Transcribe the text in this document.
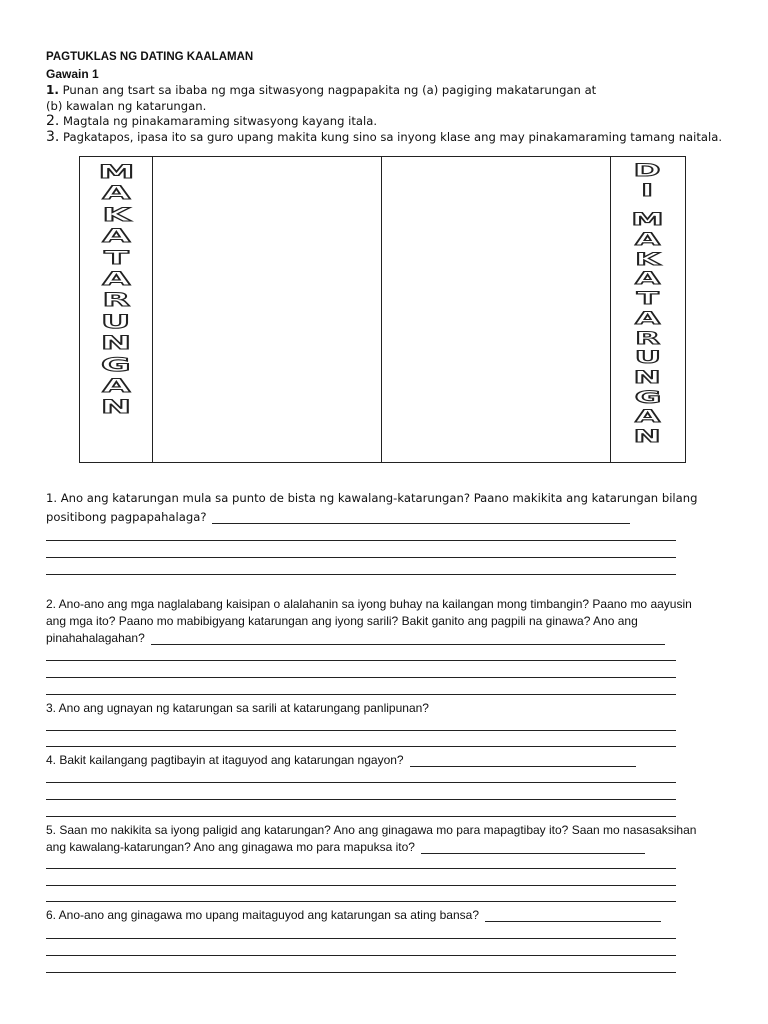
PAGTUKLAS NG DATING KAALAMAN
Gawain 1
1. Punan ang tsart sa ibaba ng mga sitwasyong nagpapakita ng (a) pagiging makatarungan at
(b) kawalan ng katarungan.
2. Magtala ng pinakamaraming sitwasyong kayang itala.
3. Pagkatapos, ipasa ito sa guro upang makita kung sino sa inyong klase ang may pinakamaraming tamang naitala.
M
A
K
A
T
A
R
U
N
G
A
N
D
I
M
A
K
A
T
A
R
U
N
G
A
N
1. Ano ang katarungan mula sa punto de bista ng kawalang-katarungan? Paano makikita ang katarungan bilang
positibong pagpapahalaga?
2. Ano-ano ang mga naglalabang kaisipan o alalahanin sa iyong buhay na kailangan mong timbangin? Paano mo aayusin
ang mga ito? Paano mo mabibigyang katarungan ang iyong sarili? Bakit ganito ang pagpili na ginawa? Ano ang
pinahahalagahan?
3. Ano ang ugnayan ng katarungan sa sarili at katarungang panlipunan?
4. Bakit kailangang pagtibayin at itaguyod ang katarungan ngayon?
5. Saan mo nakikita sa iyong paligid ang katarungan? Ano ang ginagawa mo para mapagtibay ito? Saan mo nasasaksihan
ang kawalang-katarungan? Ano ang ginagawa mo para mapuksa ito?
6. Ano-ano ang ginagawa mo upang maitaguyod ang katarungan sa ating bansa?
